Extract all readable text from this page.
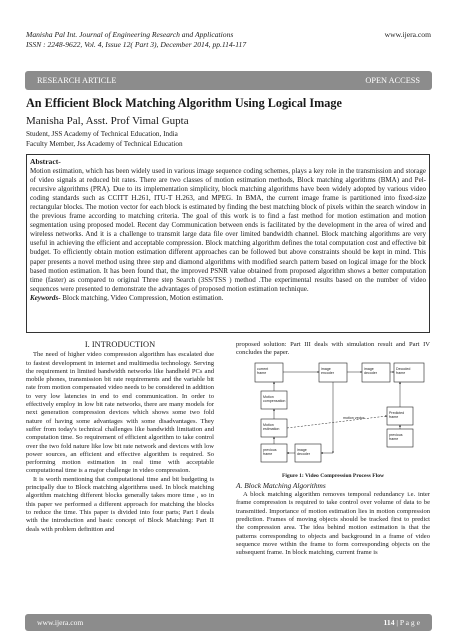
Manisha Pal Int. Journal of Engineering Research and Applications
ISSN : 2248-9622, Vol. 4, Issue 12( Part 3), December 2014, pp.114-117
www.ijera.com
RESEARCH ARTICLE	OPEN ACCESS
An Efficient Block Matching Algorithm Using Logical Image
Manisha Pal, Asst. Prof Vimal Gupta
Student, JSS Academy of Technical Education, India
Faculty Member, Jss Academy of Technical Education
Abstract-
Motion estimation, which has been widely used in various image sequence coding schemes, plays a key role in the transmission and storage of video signals at reduced bit rates. There are two classes of motion estimation methods, Block matching algorithms (BMA) and Pel-recursive algorithms (PRA). Due to its implementation simplicity, block matching algorithms have been widely adopted by various video coding standards such as CCITT H.261, ITU-T H.263, and MPEG. In BMA, the current image frame is partitioned into fixed-size rectangular blocks. The motion vector for each block is estimated by finding the best matching block of pixels within the search window in the previous frame according to matching criteria. The goal of this work is to find a fast method for motion estimation and motion segmentation using proposed model. Recent day Communication between ends is facilitated by the development in the area of wired and wireless networks. And it is a challenge to transmit large data file over limited bandwidth channel. Block matching algorithms are very useful in achieving the efficient and acceptable compression. Block matching algorithm defines the total computation cost and effective bit budget. To efficiently obtain motion estimation different approaches can be followed but above constraints should be kept in mind. This paper presents a novel method using three step and diamond algorithms with modified search pattern based on logical image for the block based motion estimation. It has been found that, the improved PSNR value obtained from proposed algorithm shows a better computation time (faster) as compared to original Three step Search (3SS/TSS ) method .The experimental results based on the number of video sequences were presented to demonstrate the advantages of proposed motion estimation technique.
Keywords- Block matching, Video Compression, Motion estimation.
I. INTRODUCTION

The need of higher video compression algorithm has escalated due to fastest development in internet and multimedia technology. Serving the requirement in limited bandwidth networks like handheld PCs and mobile phones, transmission bit rate requirements and the variable bit rate from motion compensated video needs to be considered in addition to very low latencies in end to end communication. In order to effectively employ in low bit rate networks, there are many models for next generation compression devices which shows some two fold nature of having some advantages with some disadvantages. They suffer from today's technical challenges like bandwidth limitation and computation time. So requirement of efficient algorithm to take control over the two fold nature like low bit rate network and devices with low power sources, an efficient and effective algorithm is required. So performing motion estimation in real time with acceptable computational time is a major challenge in video compression.

It is worth mentioning that computational time and bit budgeting is principally due to Block matching algorithms used. In block matching algorithm matching different blocks generally takes more time , so in this paper we performed a different approach for matching the blocks to reduce the time. This paper is divided into four parts; Part I deals with the introduction and basic concept of Block Matching: Part II deals with problem definition and

proposed solution: Part III deals with simulation result and Part IV concludes the paper.
current
frame
image
encoder
image
decoder
Decoded
frame
Motion
compensation
motion vector
Motion
estimation
Predicted
frame
previous
frame
previous
frame
image
decoder
Figure 1: Video Compression Process Flow
A. Block Matching Algorithms

A block matching algorithm removes temporal redundancy i.e. inter frame compression is required to take control over volume of data to be transmitted. Importance of motion estimation lies in motion compression prediction. Frames of moving objects should be tracked first to predict the compression area. The idea behind motion estimation is that the patterns corresponding to objects and background in a frame of video sequence move within the frame to form corresponding objects on the subsequent frame. In block matching, current frame is

www.ijera.com	114 | P a g e
